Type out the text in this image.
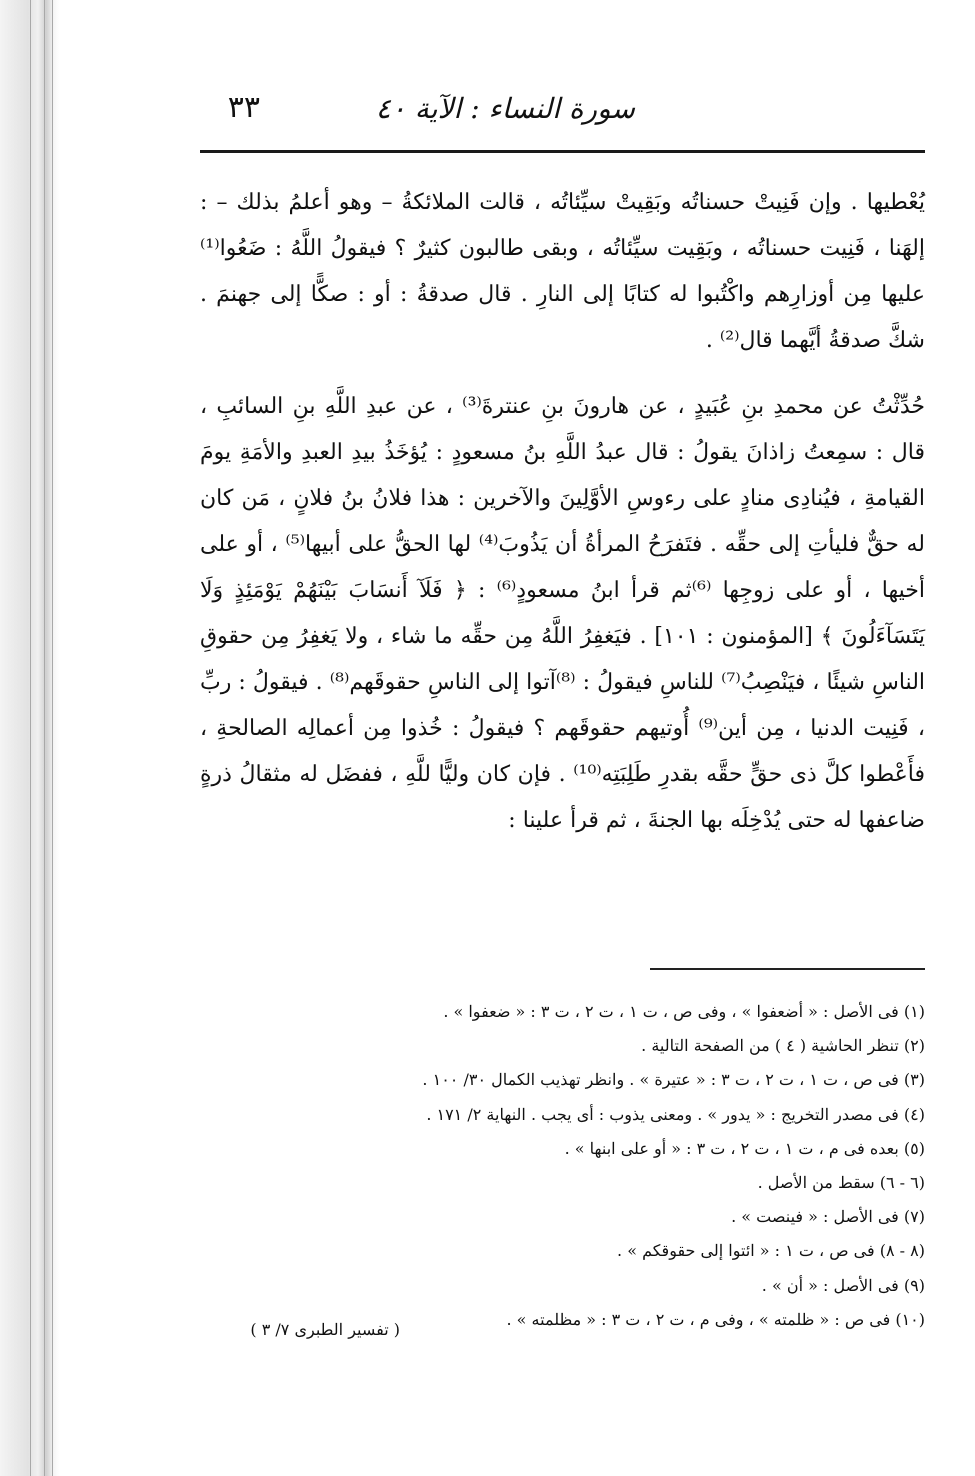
سورة النساء : الآية ٤٠
٣٣

يُعْطيها . وإن فَنِيتْ حسناتُه وبَقِيتْ سيِّئاتُه ، قالت الملائكةُ – وهو أعلمُ بذلك – : إلهَنا ، فَنِيت حسناتُه ، وبَقِيت سيِّئاتُه ، وبقى طالبون كثيرٌ ؟ فيقولُ اللَّهُ : ضَعُوا⁽¹⁾ عليها مِن أوزارِهم واكْتُبوا له كتابًا إلى النارِ . قال صدقةُ : أو : صكًّا إلى جهنمَ . شكَّ صدقةُ أيَّهما قال⁽²⁾ .

حُدِّثْتُ عن محمدِ بنِ عُبَيدٍ ، عن هارونَ بنِ عنترةَ⁽³⁾ ، عن عبدِ اللَّهِ بنِ السائبِ ، قال : سمِعتُ زاذانَ يقولُ : قال عبدُ اللَّهِ بنُ مسعودٍ : يُؤخَذُ بيدِ العبدِ والأمَةِ يومَ القيامةِ ، فيُنادِى منادٍ على رءوسِ الأوَّلِينَ والآخرين : هذا فلانُ بنُ فلانٍ ، مَن كان له حقٌّ فليأتِ إلى حقِّه . فتَفرَحُ المرأةُ أن يَذُوبَ⁽⁴⁾ لها الحقُّ على أبيها⁽⁵⁾ ، أو على أخيها ، أو على زوجِها ⁽⁶⁾ثم قرأ ابنُ مسعودٍ⁽⁶⁾ : ﴿ فَلَآ أَنسَابَ بَيْنَهُمْ يَوْمَئِذٍ وَلَا يَتَسَآءَلُونَ ﴾ [المؤمنون : ١٠١] . فيَغفِرُ اللَّهُ مِن حقِّه ما شاء ، ولا يَغفِرُ مِن حقوقِ الناسِ شيئًا ، فيَنْصِبُ⁽⁷⁾ للناسِ فيقولُ : ⁽⁸⁾آتوا إلى الناسِ حقوقَهم⁽⁸⁾ . فيقولُ : ربِّ ، فَنِيت الدنيا ، مِن أين⁽⁹⁾ أُوتيهم حقوقَهم ؟ فيقولُ : خُذوا مِن أعمالِه الصالحةِ ، فأَعْطوا كلَّ ذى حقٍّ حقَّه بقدرِ طَلِبَتِه⁽¹⁰⁾ . فإن كان وليًّا للَّهِ ، ففضَل له مثقالُ ذرةٍ ضاعفها له حتى يُدْخِلَه بها الجنةَ ، ثم قرأ علينا :

(١) فى الأصل : « أضعفوا » ، وفى ص ، ت ١ ، ت ٢ ، ت ٣ : « ضعفوا » .

(٢) تنظر الحاشية ( ٤ ) من الصفحة التالية .

(٣) فى ص ، ت ١ ، ت ٢ ، ت ٣ : « عتيرة » . وانظر تهذيب الكمال ٣٠/ ١٠٠ .

(٤) فى مصدر التخريج : « يدور » . ومعنى يذوب : أى يجب . النهاية ٢/ ١٧١ .

(٥) بعده فى م ، ت ١ ، ت ٢ ، ت ٣ : « أو على ابنها » .

(٦ - ٦) سقط من الأصل .

(٧) فى الأصل : « فينصت » .

(٨ - ٨) فى ص ، ت ١ : « ائتوا إلى حقوقكم » .

(٩) فى الأصل : « أن » .

(١٠) فى ص : « ظلمته » ، وفى م ، ت ٢ ، ت ٣ : « مظلمته » .

( تفسير الطبرى ٧/ ٣ )
